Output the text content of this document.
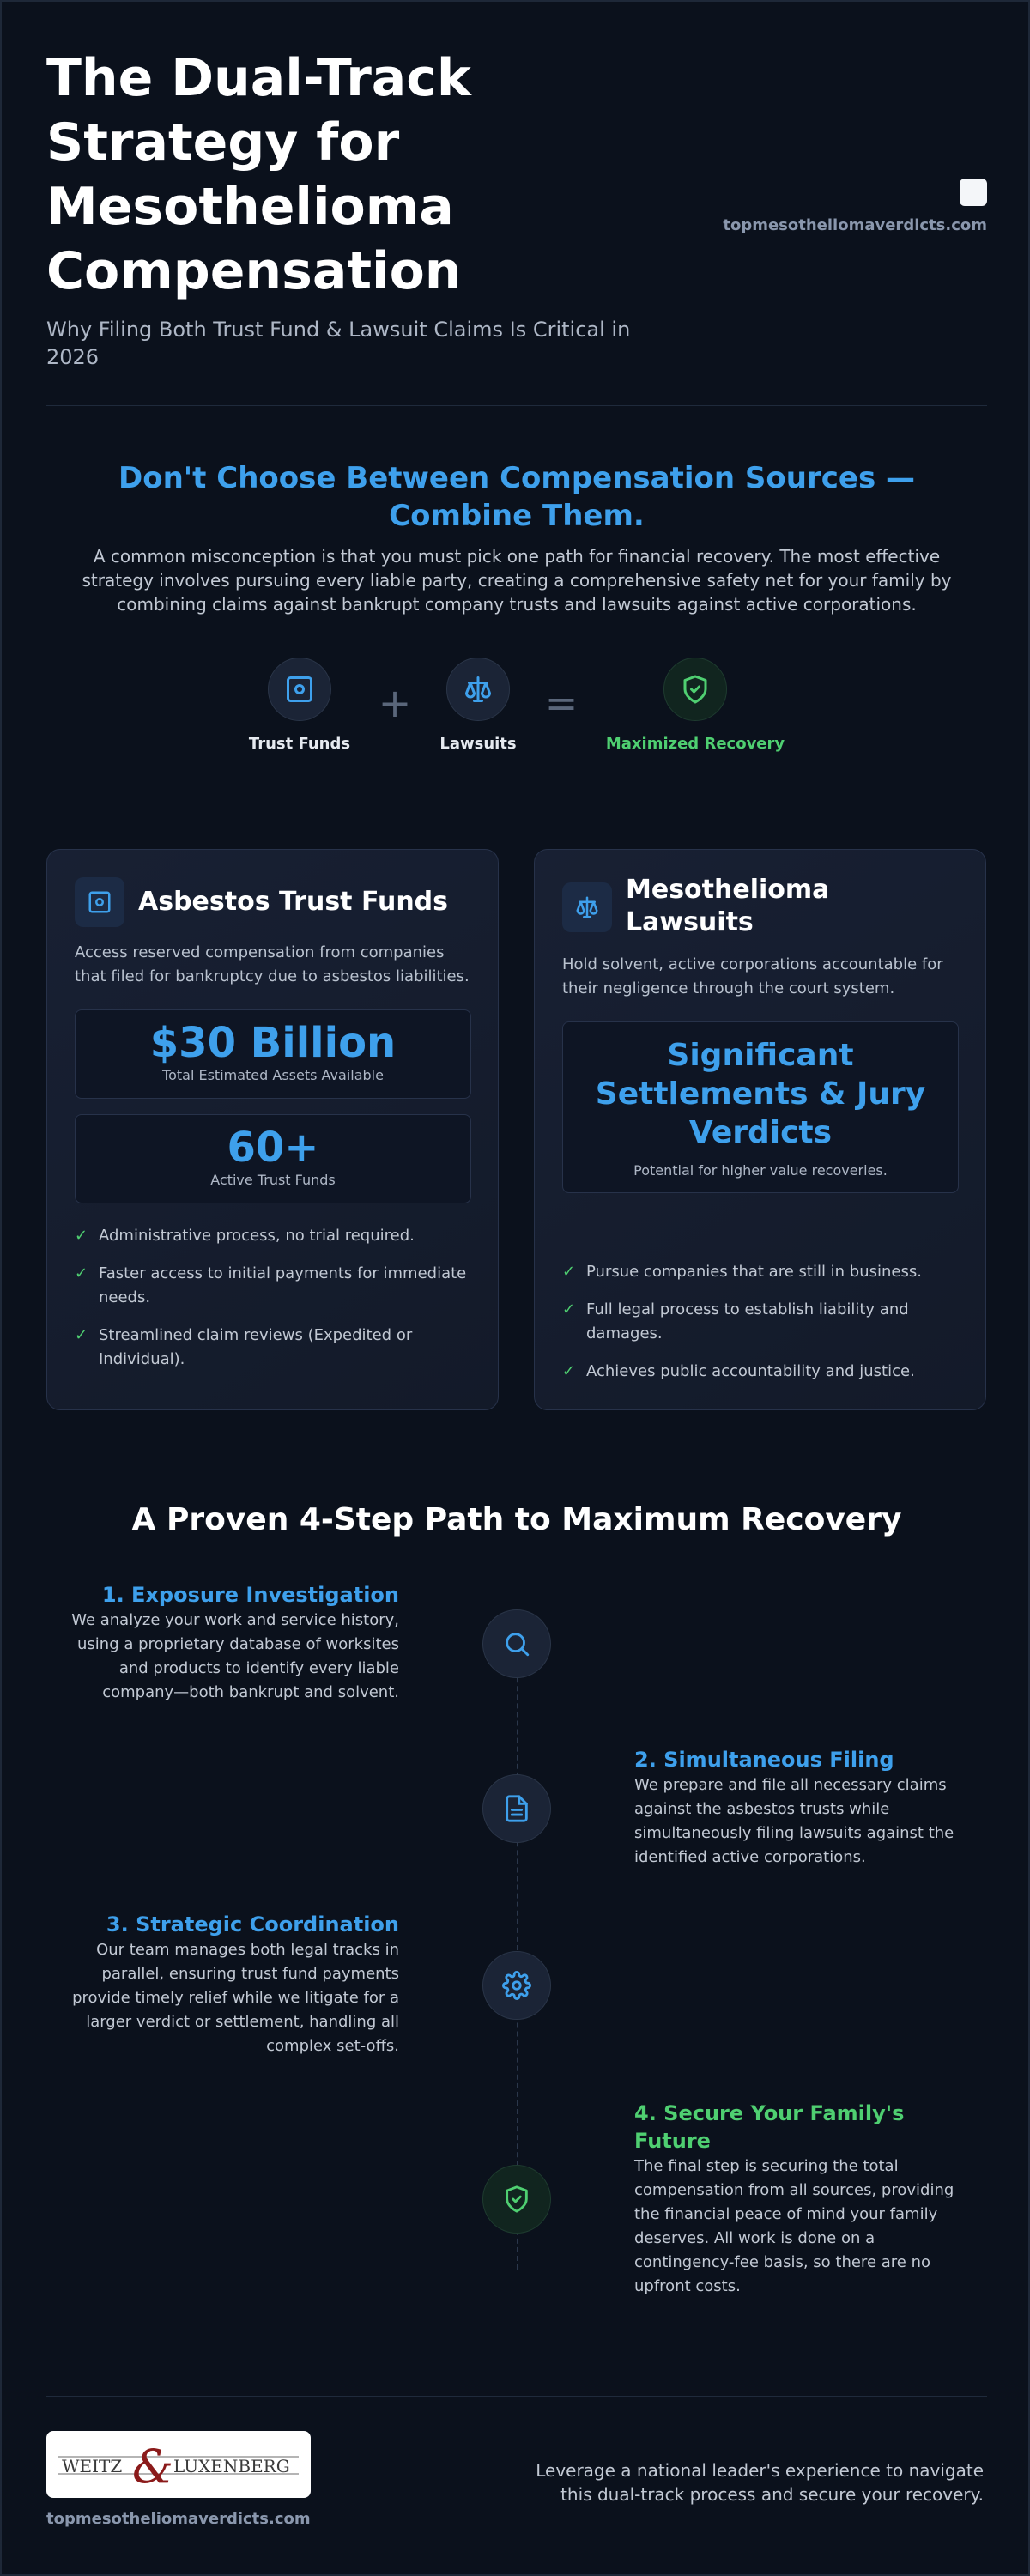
The Dual-Track Strategy for Mesothelioma Compensation

Why Filing Both Trust Fund & Lawsuit Claims Is Critical in 2026

topmesotheliomaverdicts.com
Don't Choose Between Compensation Sources — Combine Them.

A common misconception is that you must pick one path for financial recovery. The most effective strategy involves pursuing every liable party, creating a comprehensive safety net for your family by combining claims against bankrupt company trusts and lawsuits against active corporations.

Trust Funds
+
Lawsuits
=
Maximized Recovery
Asbestos Trust Funds

Access reserved compensation from companies that filed for bankruptcy due to asbestos liabilities.

$30 Billion
Total Estimated Assets Available
60+
Active Trust Funds
✓ Administrative process, no trial required.
✓ Faster access to initial payments for immediate needs.
✓ Streamlined claim reviews (Expedited or Individual).
Mesothelioma Lawsuits

Hold solvent, active corporations accountable for their negligence through the court system.

Significant Settlements & Jury Verdicts
Potential for higher value recoveries.
✓ Pursue companies that are still in business.
✓ Full legal process to establish liability and damages.
✓ Achieves public accountability and justice.
A Proven 4-Step Path to Maximum Recovery
1. Exposure Investigation

We analyze your work and service history, using a proprietary database of worksites and products to identify every liable company—both bankrupt and solvent.

2. Simultaneous Filing

We prepare and file all necessary claims against the asbestos trusts while simultaneously filing lawsuits against the identified active corporations.

3. Strategic Coordination

Our team manages both legal tracks in parallel, ensuring trust fund payments provide timely relief while we litigate for a larger verdict or settlement, handling all complex set-offs.

4. Secure Your Family's Future

The final step is securing the total compensation from all sources, providing the financial peace of mind your family deserves. All work is done on a contingency-fee basis, so there are no upfront costs.

WEITZ & LUXENBERG
topmesotheliomaverdicts.com

Leverage a national leader's experience to navigate this dual-track process and secure your recovery.
